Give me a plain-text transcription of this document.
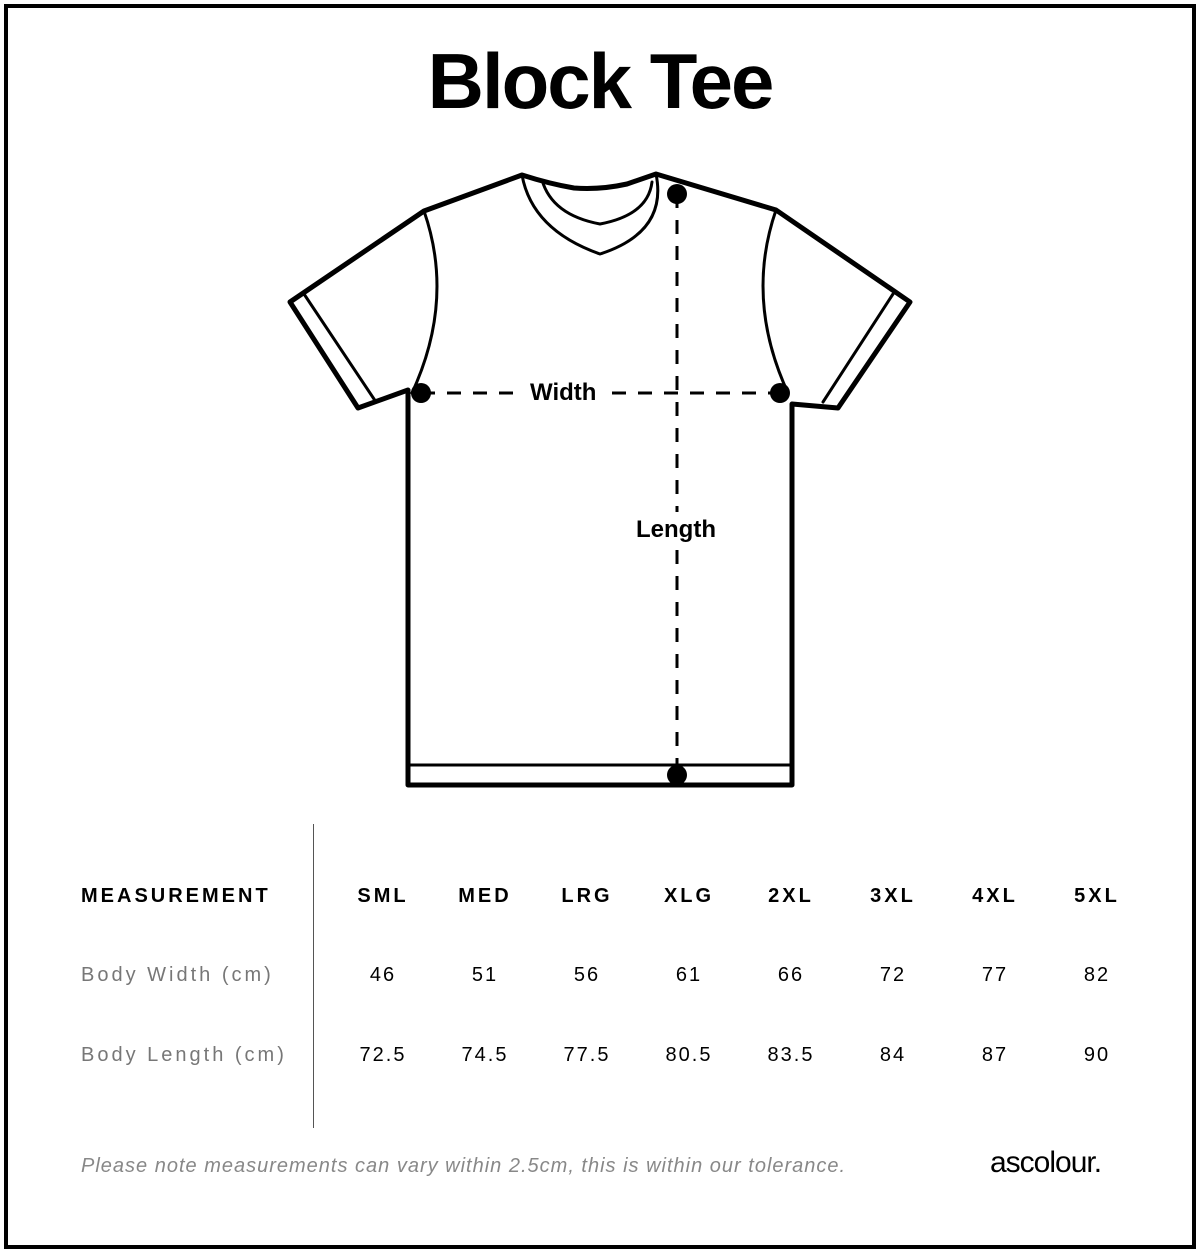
Block Tee
Width
Length
MEASUREMENT	SML	MED	LRG	XLG	2XL	3XL	4XL	5XL
Body Width (cm)	46	51	56	61	66	72	77	82
Body Length (cm)	72.5	74.5	77.5	80.5	83.5	84	87	90
Please note measurements can vary within 2.5cm, this is within our tolerance.	ascolour.
